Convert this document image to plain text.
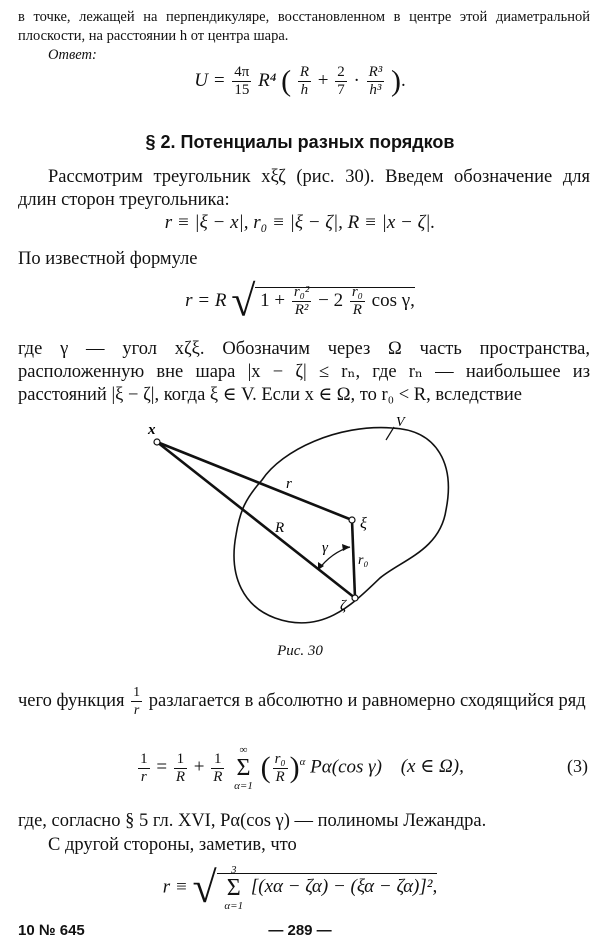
в точке, лежащей на перпендикуляре, восстановленном в центре этой диаметральной плоскости, на расстоянии h от центра шара.
Ответ:
$U = \frac{4\pi}{15} R^4$ ( $\frac{R}{h} + \frac{2}{7} \cdot \frac{\text{R³}}{\text{h³}}$ ).
§ 2. Потенциалы разных порядков
Рассмотрим треугольник xξζ (рис. 30). Введем обозначение для длин сторон треугольника:
r ≡ |ξ − x|, r₀ ≡ |ξ − ζ|, R ≡ |x − ζ|.
По известной формуле
r = R √ $1 + \frac{\text{r₀²}}{\text{R²}} - 2 \frac{\text{r₀}}{R}$ cos γ,
где γ — угол xζξ. Обозначим через Ω часть пространства, расположенную вне шара |x − ζ| ≤ rₙ, где rₙ — наибольшее из расстояний |ξ − ζ|, когда ξ ∈ V. Если x ∈ Ω, то r₀ < R, вследствие
x	V
r
R	ξ
γ
r₀
ζ
Рис. 30
чего функция $\frac{1}{r}$ разлагается в абсолютно и равномерно сходящийся ряд
$\frac{1}{r} = \frac{1}{R} + \frac{1}{R}$
∞
Σ
α=1 ( $\frac{\text{r₀}}{R} )^\alpha$ Pα(cos γ) (x ∈ Ω),	(3)
где, согласно § 5 гл. XVI, Pα(cos γ) — полиномы Лежандра.
С другой стороны, заметив, что
r ≡ √ 3
Σ
α=1 [(xα − ζα) − (ξα − ζα)]²,
10 № 645	— 289 —
